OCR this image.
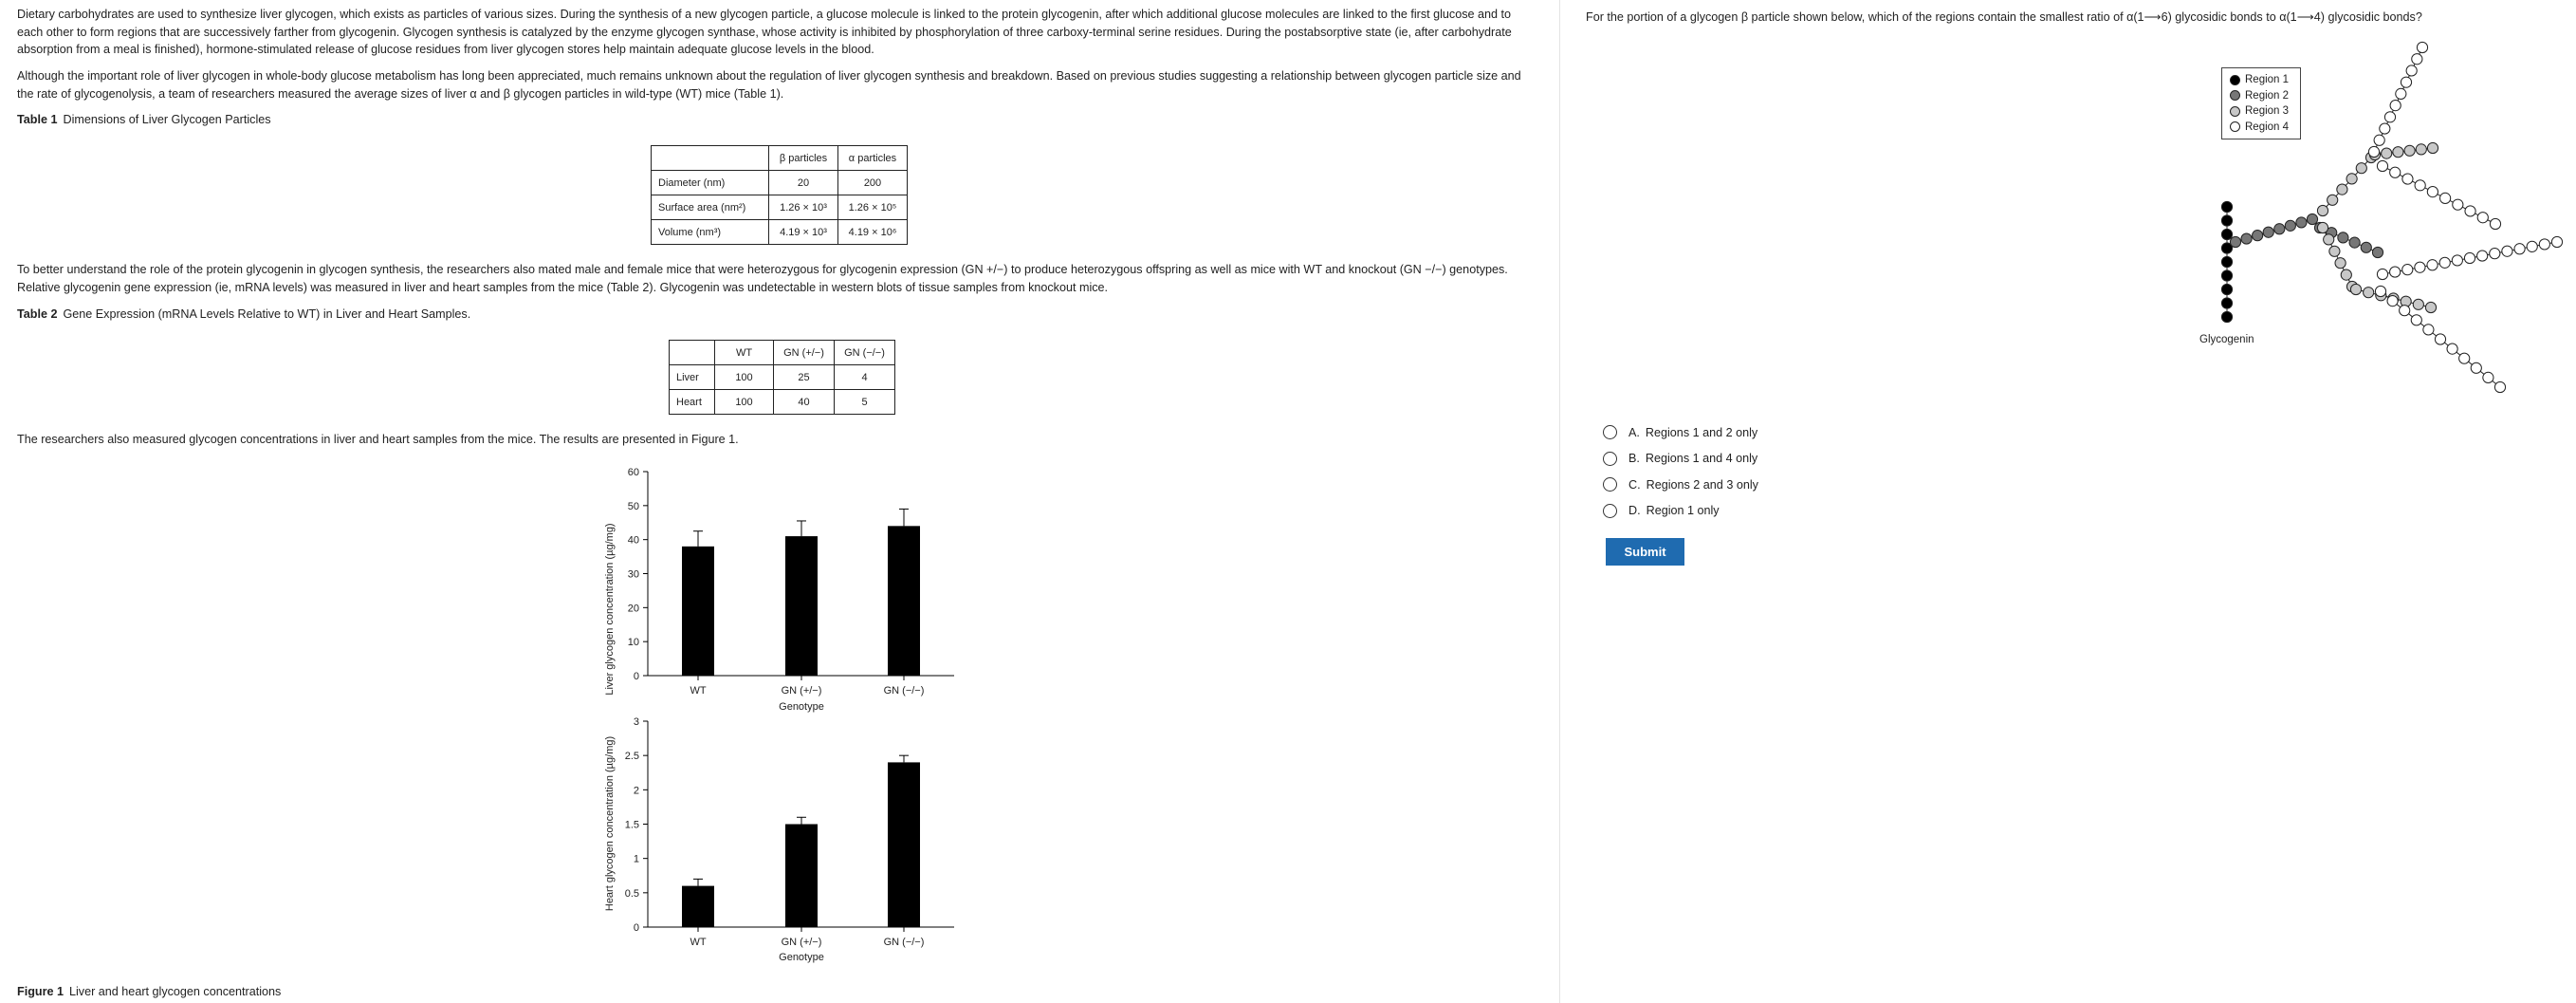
Dietary carbohydrates are used to synthesize liver glycogen, which exists as particles of various sizes. During the synthesis of a new glycogen particle, a glucose molecule is linked to the protein glycogenin, after which additional glucose molecules are linked to the first glucose and to each other to form regions that are successively farther from glycogenin. Glycogen synthesis is catalyzed by the enzyme glycogen synthase, whose activity is inhibited by phosphorylation of three carboxy-terminal serine residues. During the postabsorptive state (ie, after carbohydrate absorption from a meal is finished), hormone-stimulated release of glucose residues from liver glycogen stores help maintain adequate glucose levels in the blood.

Although the important role of liver glycogen in whole-body glucose metabolism has long been appreciated, much remains unknown about the regulation of liver glycogen synthesis and breakdown. Based on previous studies suggesting a relationship between glycogen particle size and the rate of glycogenolysis, a team of researchers measured the average sizes of liver α and β glycogen particles in wild-type (WT) mice (Table 1).

Table 1 Dimensions of Liver Glycogen Particles
	β particles	α particles
Diameter (nm)	20	200
Surface area (nm²)	1.26 × 10³	1.26 × 10⁵
Volume (nm³)	4.19 × 10³	4.19 × 10⁶

To better understand the role of the protein glycogenin in glycogen synthesis, the researchers also mated male and female mice that were heterozygous for glycogenin expression (GN +/−) to produce heterozygous offspring as well as mice with WT and knockout (GN −/−) genotypes. Relative glycogenin gene expression (ie, mRNA levels) was measured in liver and heart samples from the mice (Table 2). Glycogenin was undetectable in western blots of tissue samples from knockout mice.

Table 2 Gene Expression (mRNA Levels Relative to WT) in Liver and Heart Samples.
	WT	GN (+/−)	GN (−/−)
Liver	100	25	4
Heart	100	40	5

The researchers also measured glycogen concentrations in liver and heart samples from the mice. The results are presented in Figure 1.

0
10
20
30
40
50
60
WT	GN (+/−)	GN (−/−)
Genotype
Liver glycogen concentration (µg/mg)
0
0.5
1
1.5
2
2.5
3
WT	GN (+/−)	GN (−/−)
Genotype
Heart glycogen concentration (µg/mg)
Figure 1 Liver and heart glycogen concentrations

For the portion of a glycogen β particle shown below, which of the regions contain the smallest ratio of α(1⟶6) glycosidic bonds to α(1⟶4) glycosidic bonds?

Glycogenin
Region 1
Region 2
Region 3
Region 4
A. Regions 1 and 2 only
B. Regions 1 and 4 only
C. Regions 2 and 3 only
D. Region 1 only
Submit
